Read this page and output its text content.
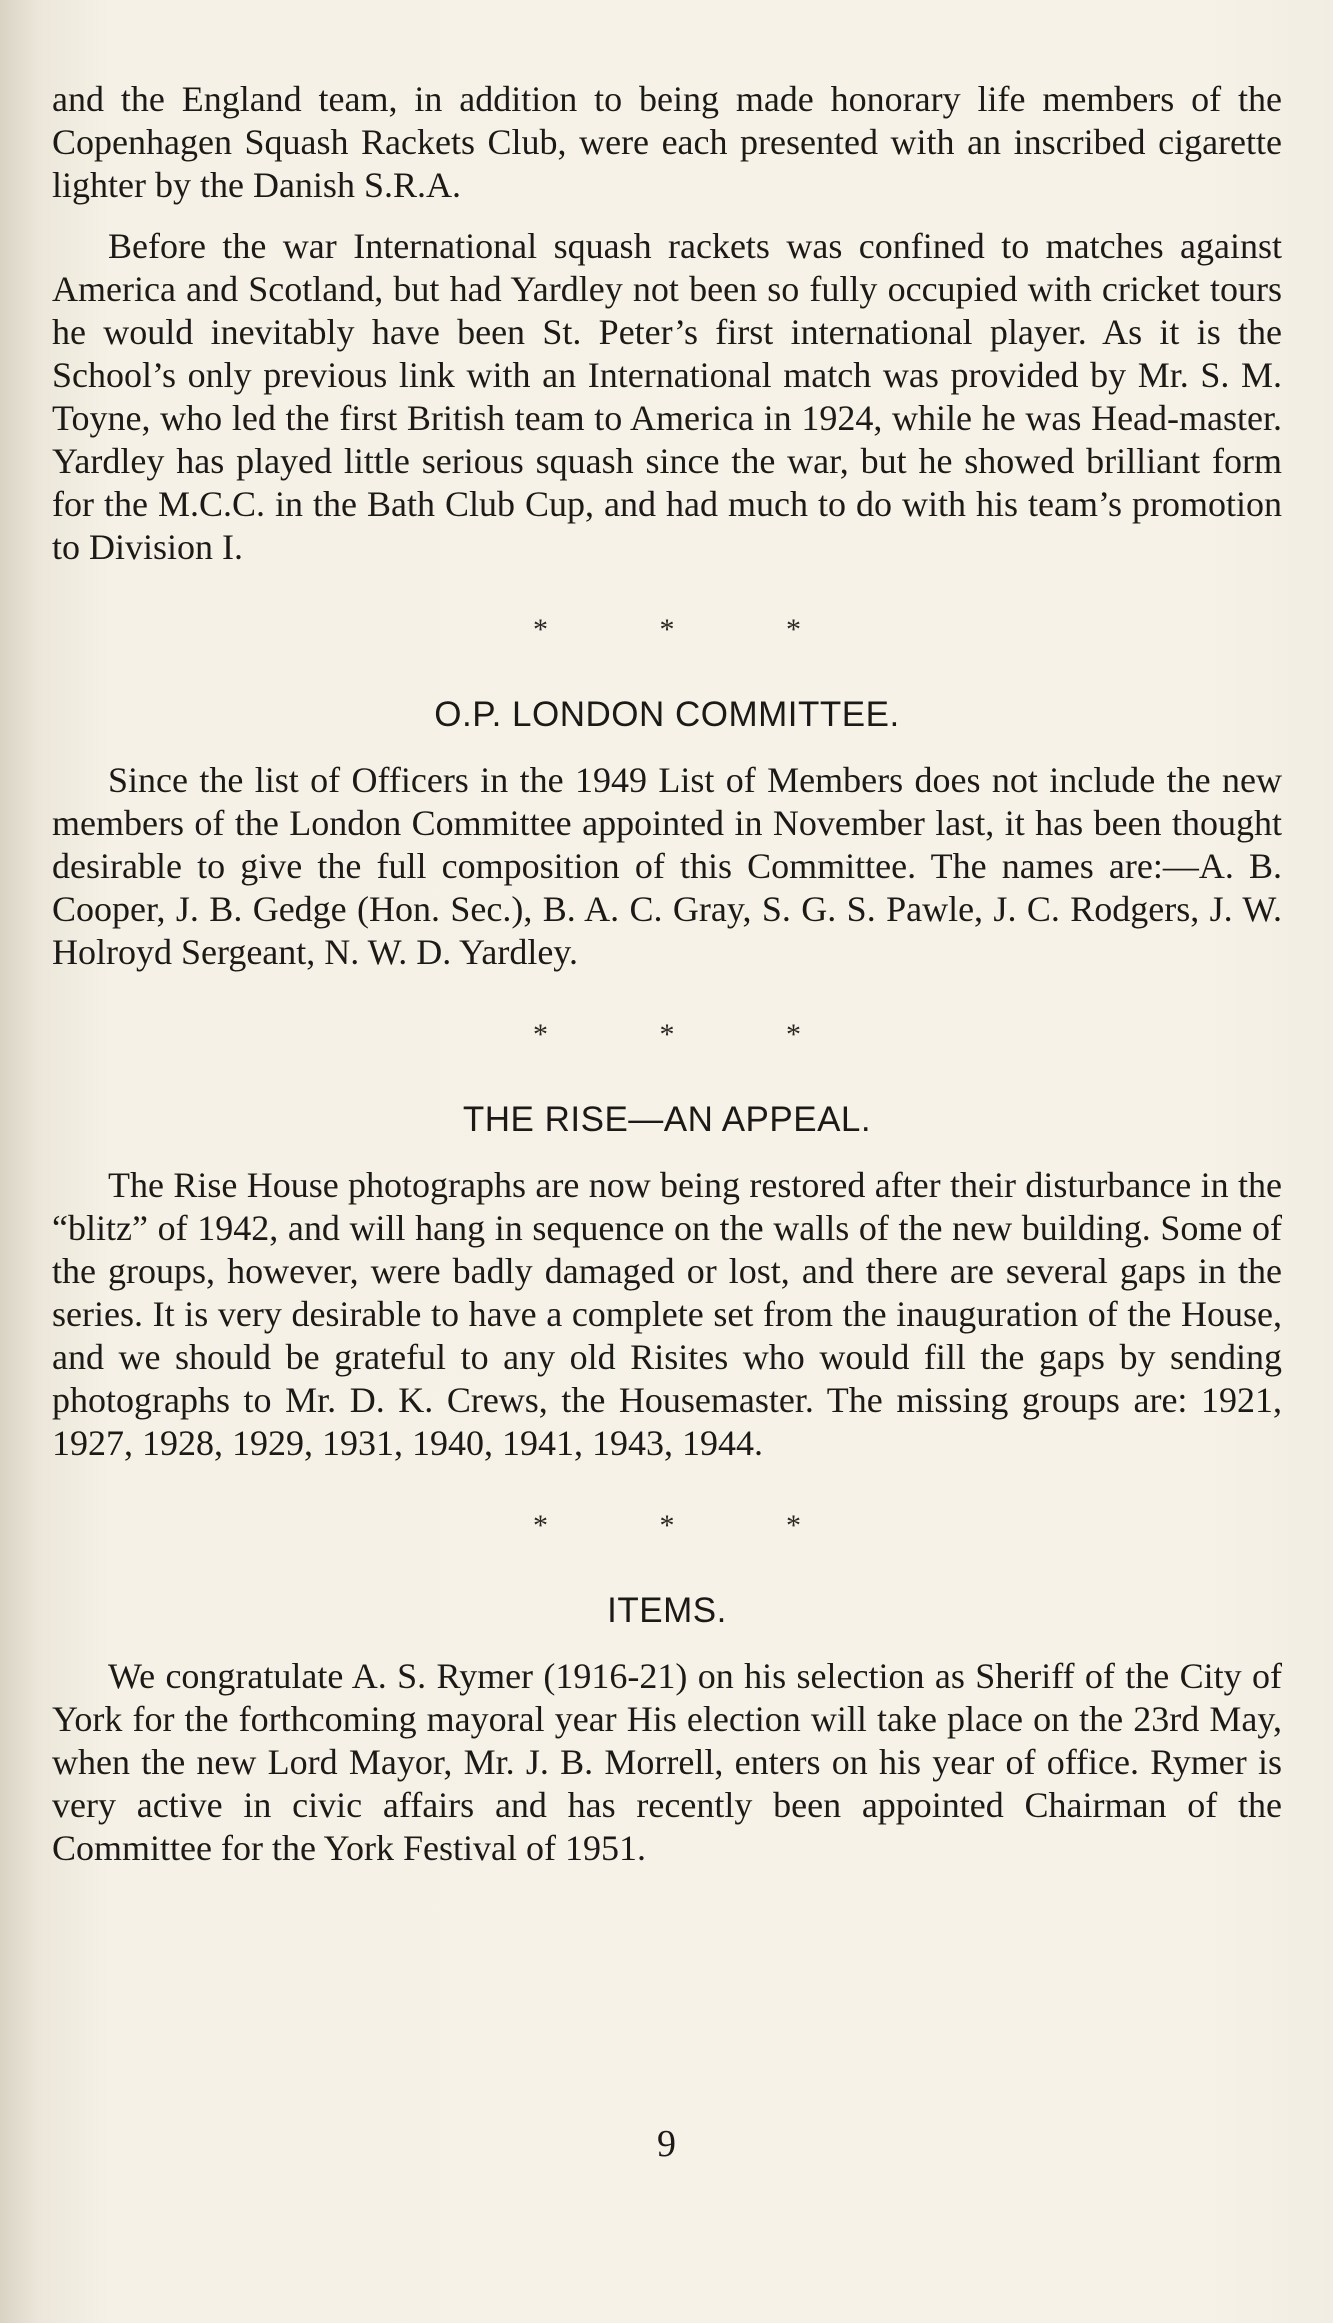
and the England team, in addition to being made honorary life members of the Copenhagen Squash Rackets Club, were each presented with an inscribed cigarette lighter by the Danish S.R.A.

Before the war International squash rackets was confined to matches against America and Scotland, but had Yardley not been so fully occupied with cricket tours he would inevitably have been St. Peter’s first international player. As it is the School’s only previous link with an International match was provided by Mr. S. M. Toyne, who led the first British team to America in 1924, while he was Head-master. Yardley has played little serious squash since the war, but he showed brilliant form for the M.C.C. in the Bath Club Cup, and had much to do with his team’s promotion to Division I.

* * *
O.P. LONDON COMMITTEE.

Since the list of Officers in the 1949 List of Members does not include the new members of the London Committee appointed in November last, it has been thought desirable to give the full composition of this Committee. The names are:—A. B. Cooper, J. B. Gedge (Hon. Sec.), B. A. C. Gray, S. G. S. Pawle, J. C. Rodgers, J. W. Holroyd Sergeant, N. W. D. Yardley.

* * *
THE RISE—AN APPEAL.

The Rise House photographs are now being restored after their disturbance in the “blitz” of 1942, and will hang in sequence on the walls of the new building. Some of the groups, however, were badly damaged or lost, and there are several gaps in the series. It is very desirable to have a complete set from the inauguration of the House, and we should be grateful to any old Risites who would fill the gaps by sending photographs to Mr. D. K. Crews, the Housemaster. The missing groups are: 1921, 1927, 1928, 1929, 1931, 1940, 1941, 1943, 1944.

* * *
ITEMS.

We congratulate A. S. Rymer (1916-21) on his selection as Sheriff of the City of York for the forthcoming mayoral year His election will take place on the 23rd May, when the new Lord Mayor, Mr. J. B. Morrell, enters on his year of office. Rymer is very active in civic affairs and has recently been appointed Chairman of the Committee for the York Festival of 1951.

9
